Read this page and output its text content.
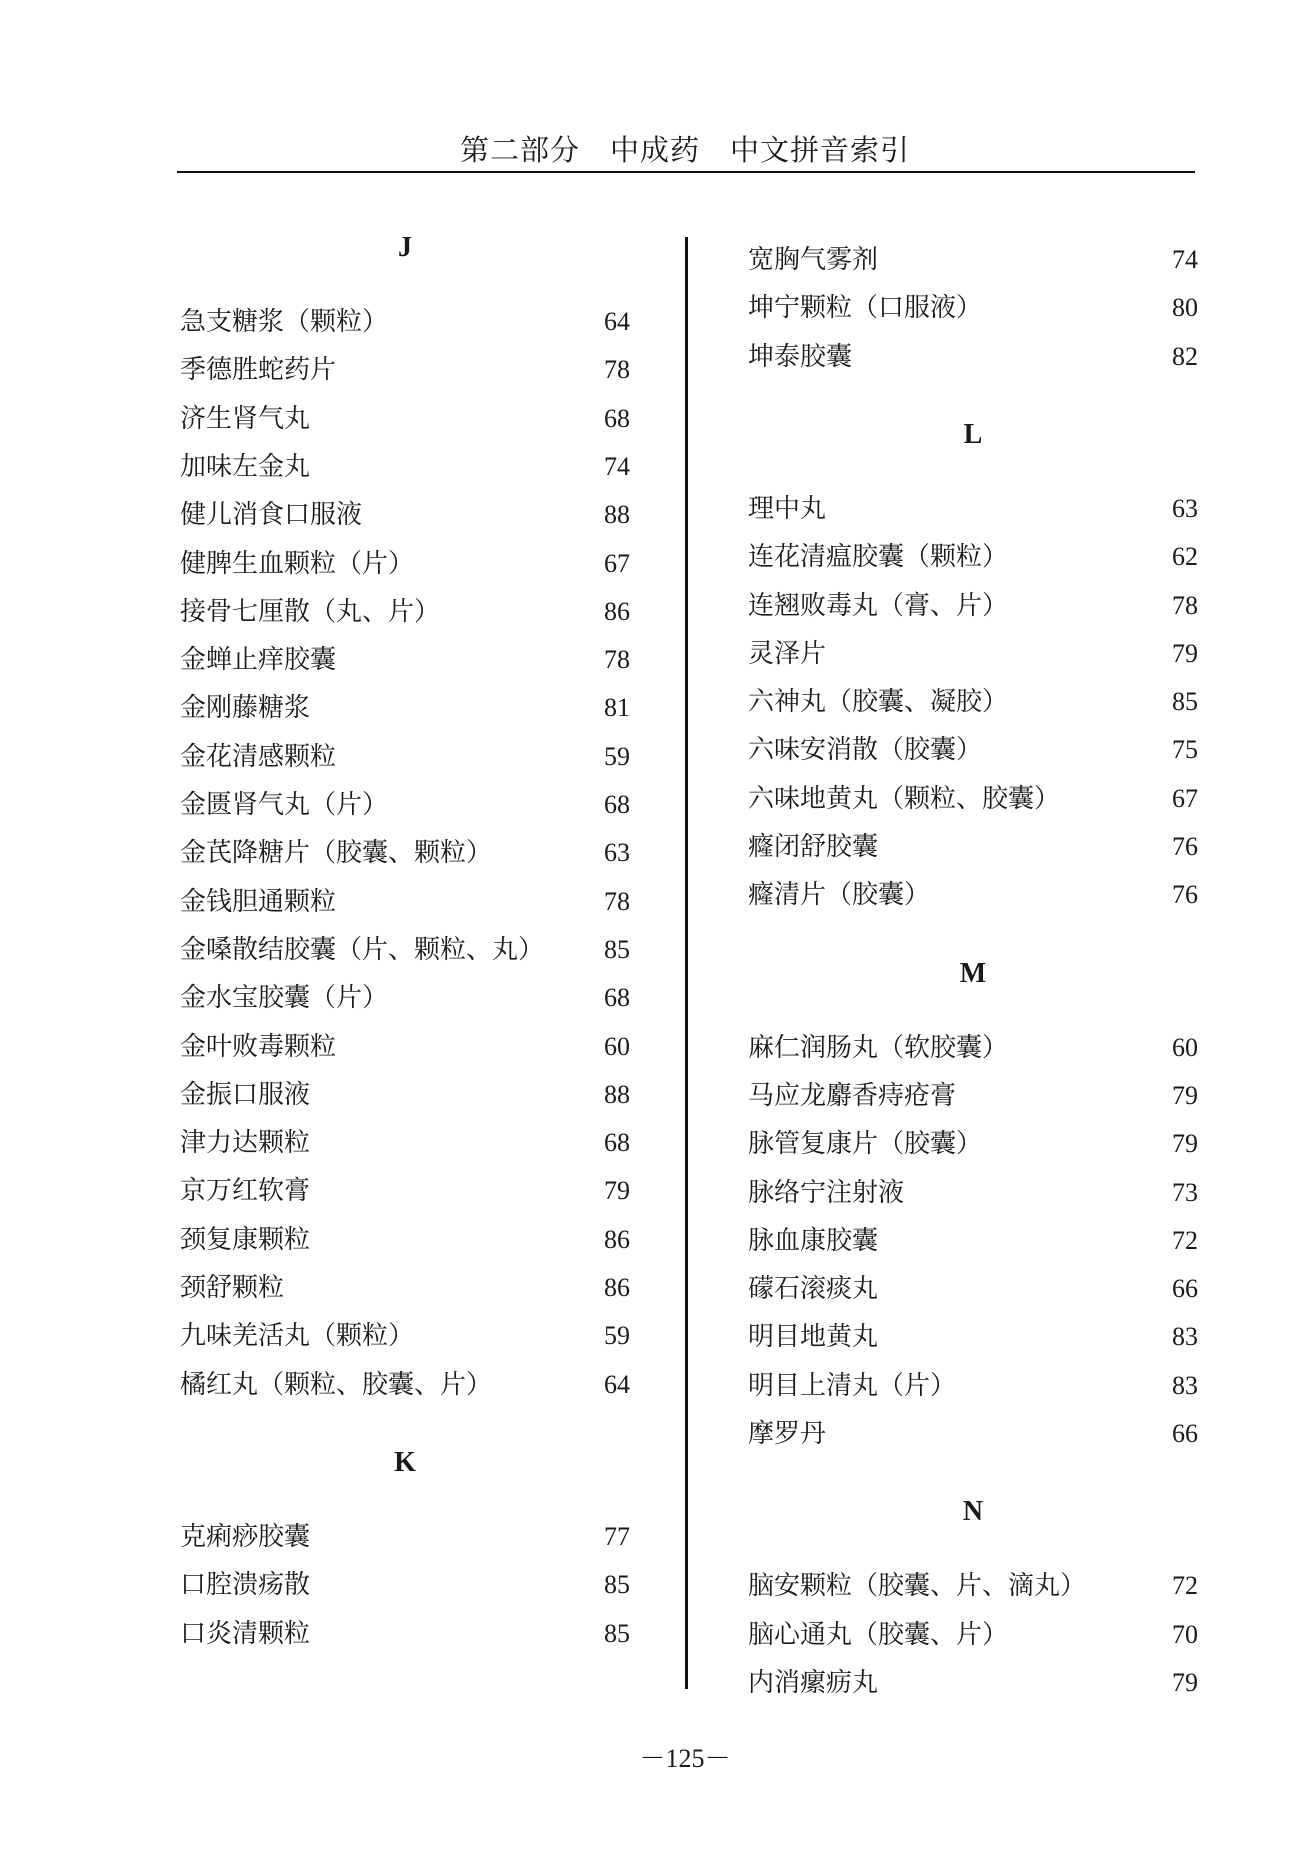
第二部分　中成药　中文拼音索引
J
急支糖浆（颗粒）	64
季德胜蛇药片	78
济生肾气丸	68
加味左金丸	74
健儿消食口服液	88
健脾生血颗粒（片）	67
接骨七厘散（丸、片）	86
金蝉止痒胶囊	78
金刚藤糖浆	81
金花清感颗粒	59
金匮肾气丸（片）	68
金芪降糖片（胶囊、颗粒）	63
金钱胆通颗粒	78
金嗓散结胶囊（片、颗粒、丸） 85
金水宝胶囊（片）	68
金叶败毒颗粒	60
金振口服液	88
津力达颗粒	68
京万红软膏	79
颈复康颗粒	86
颈舒颗粒	86
九味羌活丸（颗粒）	59
橘红丸（颗粒、胶囊、片）	64
K
克痢痧胶囊	77
口腔溃疡散	85
口炎清颗粒	85
宽胸气雾剂	74
坤宁颗粒（口服液）	80
坤泰胶囊	82
L
理中丸	63
连花清瘟胶囊（颗粒）	62
连翘败毒丸（膏、片）	78
灵泽片	79
六神丸（胶囊、凝胶）	85
六味安消散（胶囊）	75
六味地黄丸（颗粒、胶囊）	67
癃闭舒胶囊	76
癃清片（胶囊）	76
M
麻仁润肠丸（软胶囊）	60
马应龙麝香痔疮膏	79
脉管复康片（胶囊）	79
脉络宁注射液	73
脉血康胶囊	72
礞石滚痰丸	66
明目地黄丸	83
明目上清丸（片）	83
摩罗丹	66
N
脑安颗粒（胶囊、片、滴丸）	72
脑心通丸（胶囊、片）	70
内消瘰疬丸	79
－125－
